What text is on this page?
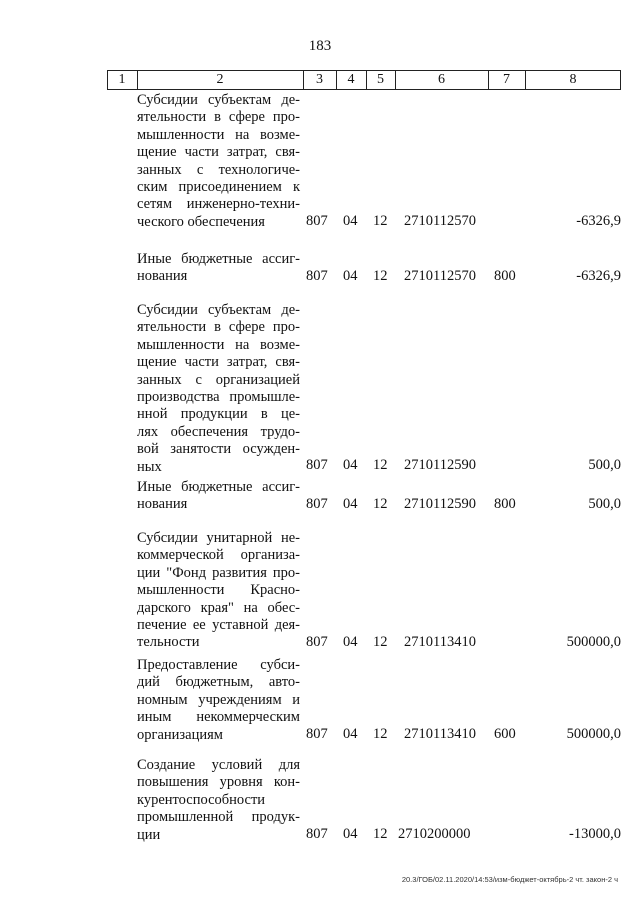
183
1	2	3	4	5	6	7	8
Субсидии субъектам де-
ятельности в сфере про-
мышленности на возме-
щение части затрат, свя-
занных с технологиче-
ским присоединением к
сетям инженерно-техни-
ческого обеспечения	807 04 12 2710112570	-6326,9
Иные бюджетные ассиг-
нования	807 04 12 2710112570 800	-6326,9
Субсидии субъектам де-
ятельности в сфере про-
мышленности на возме-
щение части затрат, свя-
занных с организацией
производства промышле-
нной продукции в це-
лях обеспечения трудо-
вой занятости осужден-
ных	807 04 12 2710112590	500,0
Иные бюджетные ассиг-
нования	807 04 12 2710112590 800	500,0
Субсидии унитарной не-
коммерческой организа-
ции "Фонд развития про-
мышленности Красно-
дарского края" на обес-
печение ее уставной дея-
тельности	807 04 12 2710113410	500000,0
Предоставление субси-
дий бюджетным, авто-
номным учреждениям и
иным некоммерческим
организациям	807 04 12 2710113410 600	500000,0
Создание условий для
повышения уровня кон-
курентоспособности
промышленной продук-
ции	807 04 12 2710200000	-13000,0
20.3/ГОБ/02.11.2020/14:53/изм-бюджет-октябрь-2 чт. закон-2 ч
